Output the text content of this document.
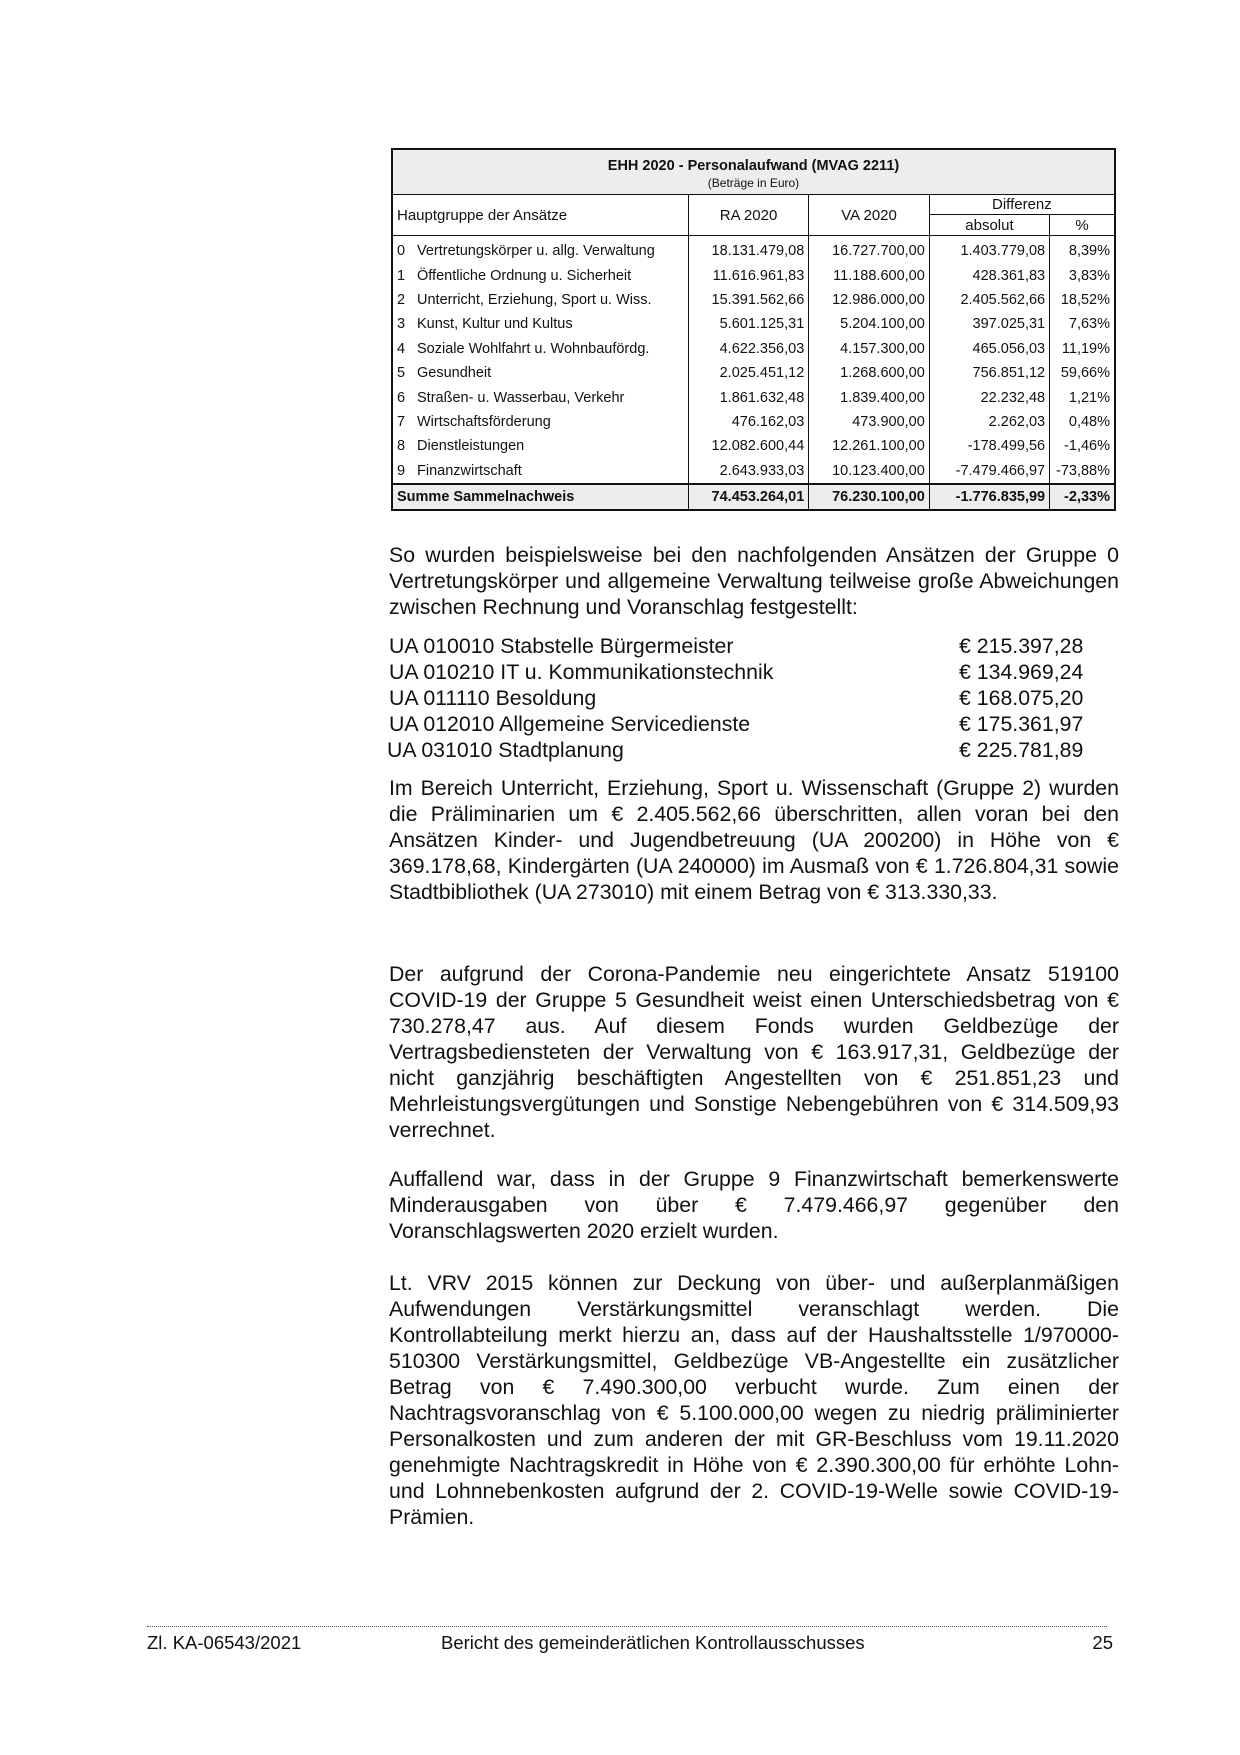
EHH 2020 - Personalaufwand (MVAG 2211)
(Beträge in Euro)				

Hauptgruppe der Ansätze	RA 2020	VA 2020	Differenz	
			absolut	%
0 Vertretungskörper u. allg. Verwaltung	18.131.479,08	16.727.700,00	1.403.779,08	8,39%
1 Öffentliche Ordnung u. Sicherheit	11.616.961,83	11.188.600,00	428.361,83	3,83%
2 Unterricht, Erziehung, Sport u. Wiss.	15.391.562,66	12.986.000,00	2.405.562,66	18,52%
3 Kunst, Kultur und Kultus	5.601.125,31	5.204.100,00	397.025,31	7,63%
4 Soziale Wohlfahrt u. Wohnbaufördg.	4.622.356,03	4.157.300,00	465.056,03	11,19%
5 Gesundheit	2.025.451,12	1.268.600,00	756.851,12	59,66%
6 Straßen- u. Wasserbau, Verkehr	1.861.632,48	1.839.400,00	22.232,48	1,21%
7 Wirtschaftsförderung	476.162,03	473.900,00	2.262,03	0,48%
8 Dienstleistungen	12.082.600,44	12.261.100,00	-178.499,56	-1,46%
9 Finanzwirtschaft	2.643.933,03	10.123.400,00	-7.479.466,97	-73,88%
Summe Sammelnachweis	74.453.264,01	76.230.100,00	-1.776.835,99	-2,33%

So wurden beispielsweise bei den nachfolgenden Ansätzen der Gruppe 0 Vertretungskörper und allgemeine Verwaltung teilweise große Abweichungen zwischen Rechnung und Voranschlag festgestellt:

UA 010010 Stabstelle Bürgermeister	€ 215.397,28
UA 010210 IT u. Kommunikationstechnik	€ 134.969,24
UA 011110 Besoldung	€ 168.075,20
UA 012010 Allgemeine Servicedienste	€ 175.361,97
UA 031010 Stadtplanung	€ 225.781,89

Im Bereich Unterricht, Erziehung, Sport u. Wissenschaft (Gruppe 2) wurden die Präliminarien um € 2.405.562,66 überschritten, allen voran bei den Ansätzen Kinder- und Jugendbetreuung (UA 200200) in Höhe von € 369.178,68, Kindergärten (UA 240000) im Ausmaß von € 1.726.804,31 sowie Stadtbibliothek (UA 273010) mit einem Betrag von € 313.330,33.

Der aufgrund der Corona-Pandemie neu eingerichtete Ansatz 519100 COVID-19 der Gruppe 5 Gesundheit weist einen Unterschiedsbetrag von € 730.278,47 aus. Auf diesem Fonds wurden Geldbezüge der Vertragsbediensteten der Verwaltung von € 163.917,31, Geldbezüge der nicht ganzjährig beschäftigten Angestellten von € 251.851,23 und Mehrleistungsvergütungen und Sonstige Nebengebühren von € 314.509,93 verrechnet.

Auffallend war, dass in der Gruppe 9 Finanzwirtschaft bemerkenswerte Minderausgaben von über € 7.479.466,97 gegenüber den Voranschlagswerten 2020 erzielt wurden.

Lt. VRV 2015 können zur Deckung von über- und außerplanmäßigen Aufwendungen Verstärkungsmittel veranschlagt werden. Die Kontrollabteilung merkt hierzu an, dass auf der Haushaltsstelle 1/970000-510300 Verstärkungsmittel, Geldbezüge VB-Angestellte ein zusätzlicher Betrag von € 7.490.300,00 verbucht wurde. Zum einen der Nachtragsvoranschlag von € 5.100.000,00 wegen zu niedrig präliminierter Personalkosten und zum anderen der mit GR-Beschluss vom 19.11.2020 genehmigte Nachtragskredit in Höhe von € 2.390.300,00 für erhöhte Lohn- und Lohnnebenkosten aufgrund der 2. COVID-19-Welle sowie COVID-19-Prämien.

Zl. KA-06543/2021	Bericht des gemeinderätlichen Kontrollausschusses	25
